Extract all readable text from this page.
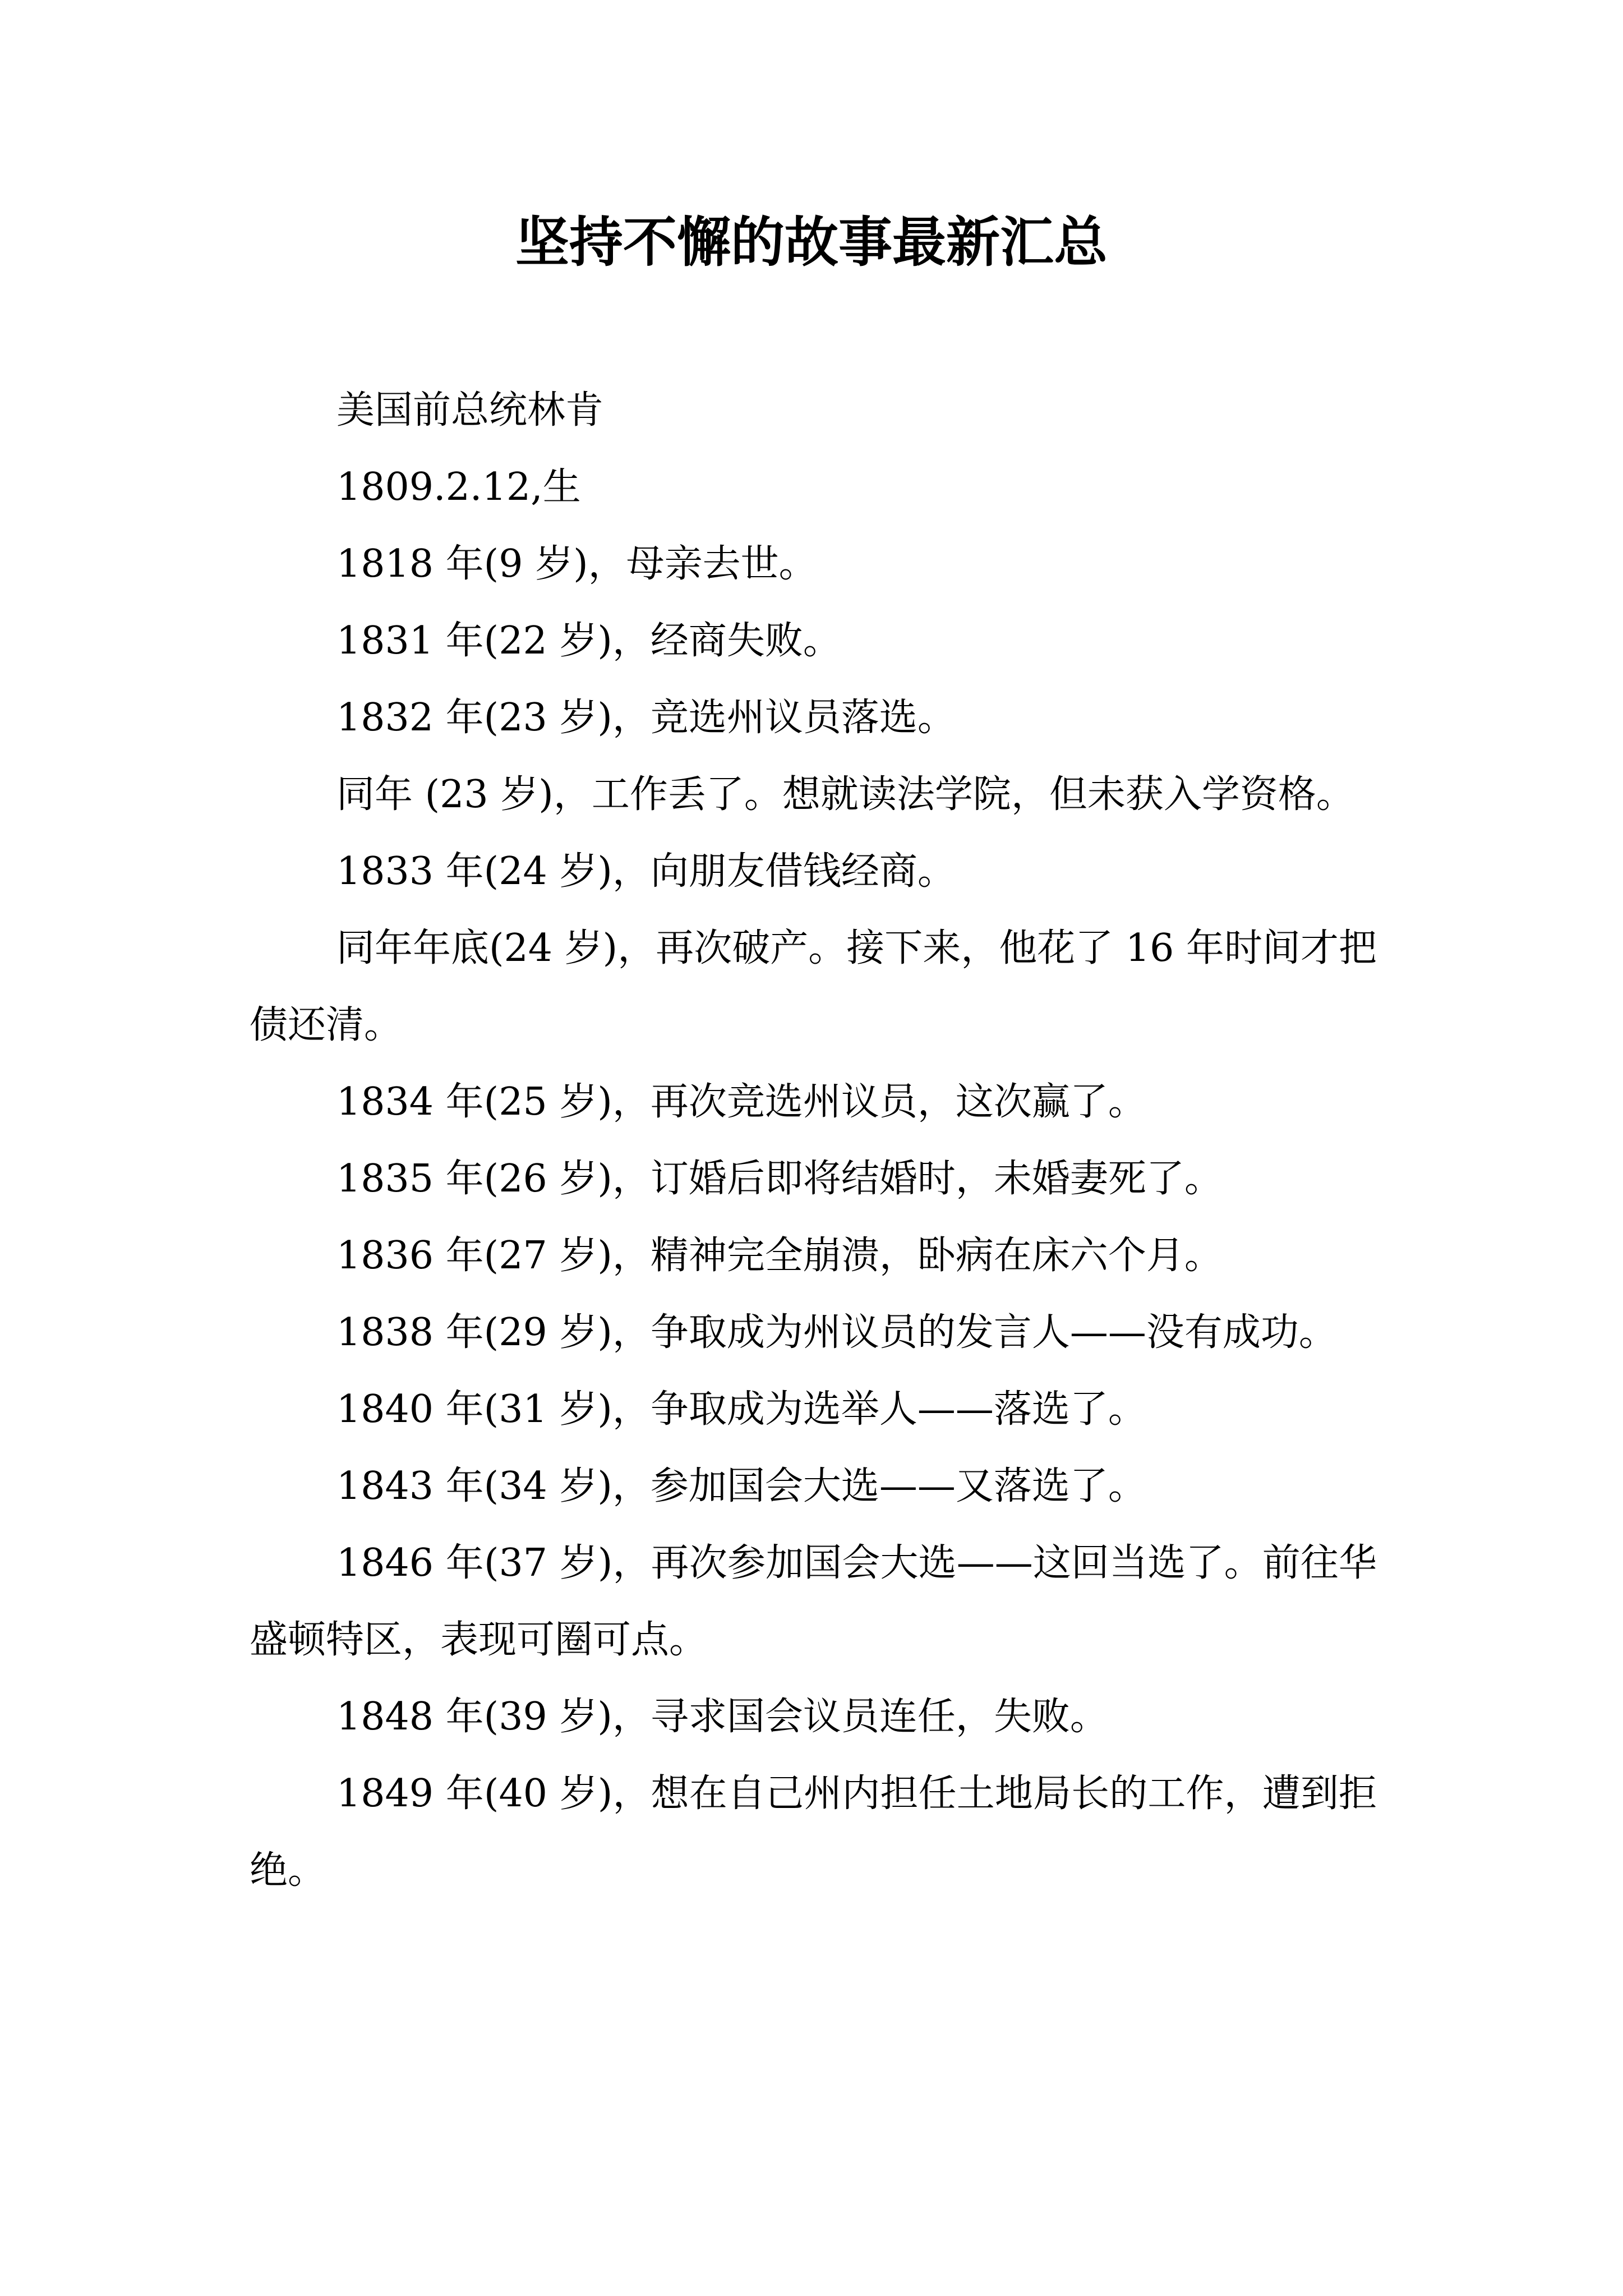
坚持不懈的故事最新汇总

美国前总统林肯

1809.2.12,生

1818 年(9 岁)，母亲去世。

1831 年(22 岁)，经商失败。

1832 年(23 岁)，竞选州议员落选。

同年 (23 岁)，工作丢了。想就读法学院，但未获入学资格。

1833 年(24 岁)，向朋友借钱经商。

同年年底(24 岁)，再次破产。接下来，他花了 16 年时间才把债还清。

1834 年(25 岁)，再次竞选州议员，这次赢了。

1835 年(26 岁)，订婚后即将结婚时，未婚妻死了。

1836 年(27 岁)，精神完全崩溃，卧病在床六个月。

1838 年(29 岁)，争取成为州议员的发言人——没有成功。

1840 年(31 岁)，争取成为选举人——落选了。

1843 年(34 岁)，参加国会大选——又落选了。

1846 年(37 岁)，再次参加国会大选——这回当选了。前往华盛顿特区，表现可圈可点。

1848 年(39 岁)，寻求国会议员连任，失败。

1849 年(40 岁)，想在自己州内担任土地局长的工作，遭到拒绝。
